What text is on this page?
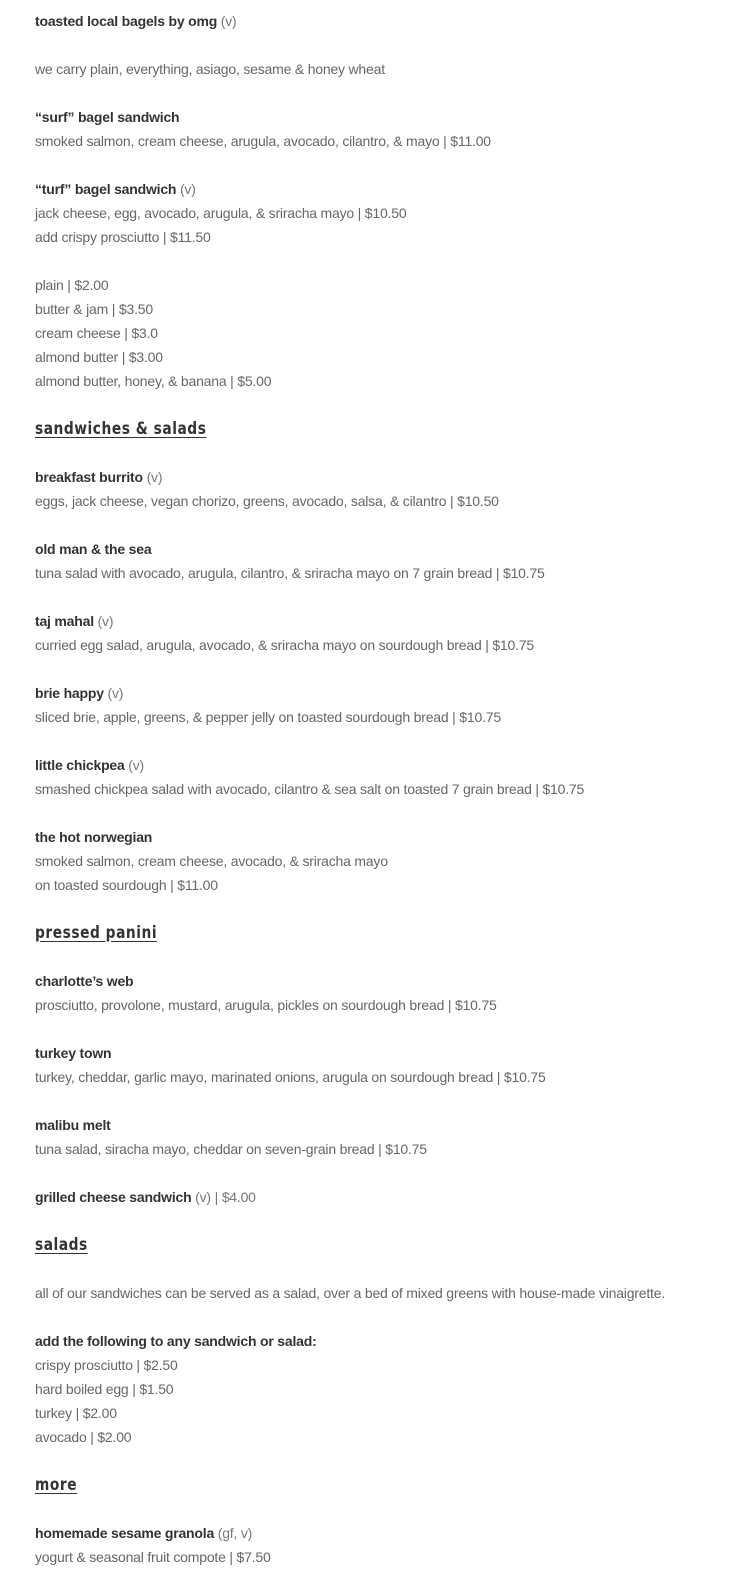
toasted local bagels by omg (v)
we carry plain, everything, asiago, sesame & honey wheat
“surf” bagel sandwich
smoked salmon, cream cheese, arugula, avocado, cilantro, & mayo | $11.00
“turf” bagel sandwich (v)
jack cheese, egg, avocado, arugula, & sriracha mayo | $10.50
add crispy prosciutto | $11.50
plain | $2.00
butter & jam | $3.50
cream cheese | $3.0
almond butter | $3.00
almond butter, honey, & banana | $5.00
sandwiches & salads
breakfast burrito (v)
eggs, jack cheese, vegan chorizo, greens, avocado, salsa, & cilantro | $10.50
old man & the sea
tuna salad with avocado, arugula, cilantro, & sriracha mayo on 7 grain bread | $10.75
taj mahal (v)
curried egg salad, arugula, avocado, & sriracha mayo on sourdough bread | $10.75
brie happy (v)
sliced brie, apple, greens, & pepper jelly on toasted sourdough bread | $10.75
little chickpea (v)
smashed chickpea salad with avocado, cilantro & sea salt on toasted 7 grain bread | $10.75
the hot norwegian
smoked salmon, cream cheese, avocado, & sriracha mayo
on toasted sourdough | $11.00
pressed panini
charlotte’s web
prosciutto, provolone, mustard, arugula, pickles on sourdough bread | $10.75
turkey town
turkey, cheddar, garlic mayo, marinated onions, arugula on sourdough bread | $10.75
malibu melt
tuna salad, siracha mayo, cheddar on seven-grain bread | $10.75
grilled cheese sandwich (v) | $4.00
salads
all of our sandwiches can be served as a salad, over a bed of mixed greens with house-made vinaigrette.
add the following to any sandwich or salad:
crispy prosciutto | $2.50
hard boiled egg | $1.50
turkey | $2.00
avocado | $2.00
more
homemade sesame granola (gf, v)
yogurt & seasonal fruit compote | $7.50
